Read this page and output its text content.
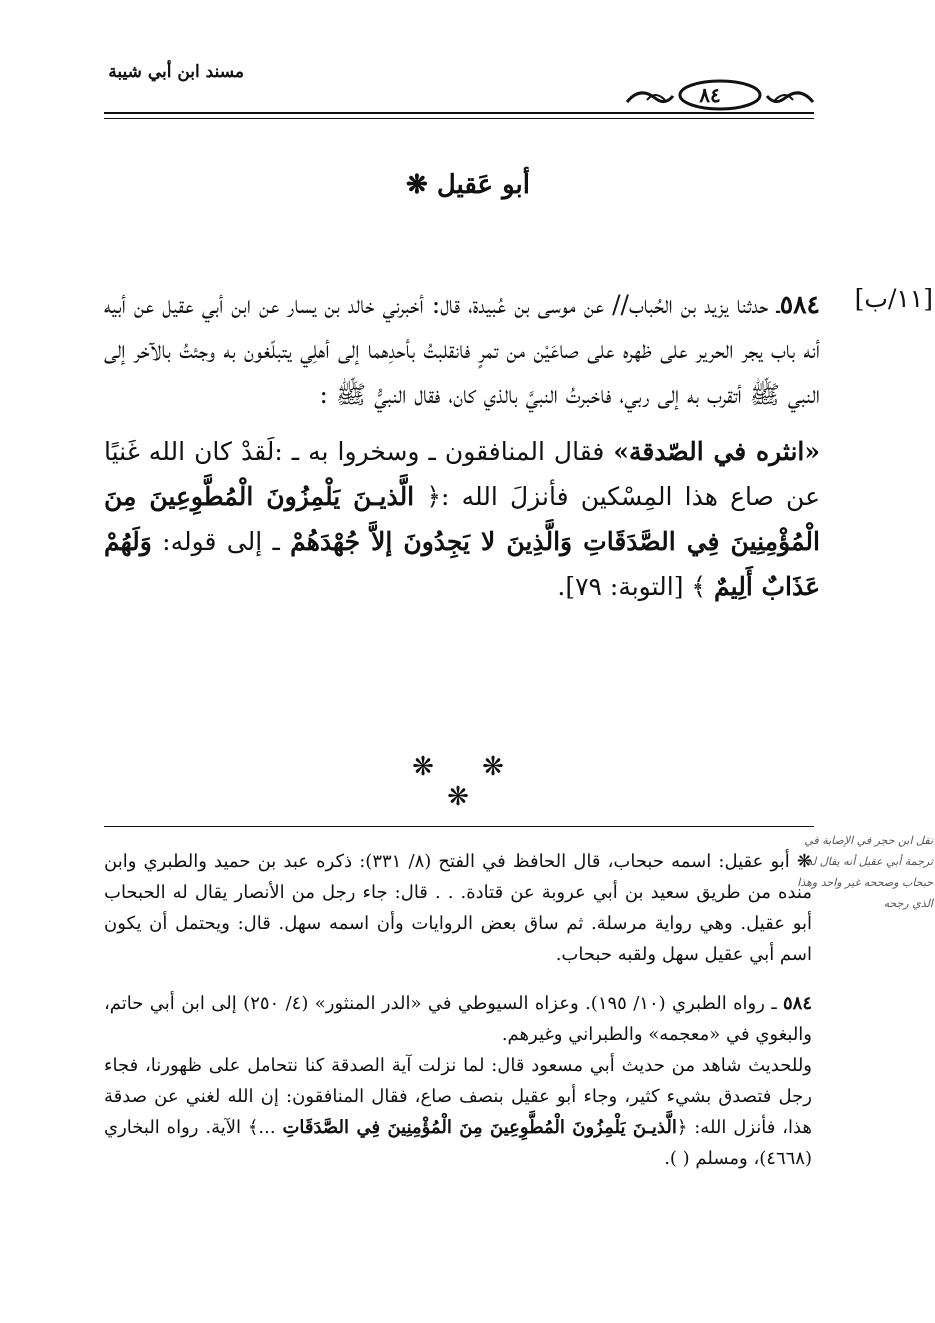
٨٤
مسند ابن أبي شيبة
أبو عَقيل ❋
[١١/ب]

٥٨٤ـ حدثنا يزيد بن الحُباب// عن موسى بن عُبيدة، قال: أخبرني خالد بن يسار عن ابن أبي عقيل عن أبيه أنه باب يجر الحرير على ظهره على صاعَيْن من تمرٍ فانقلبتُ بأحدِهما إلى أهلِي يتبلّغون به وجئتُ بالآخر إلى النبي ﷺ أتقرب به إلى ربي، فاخبرتُ النبيَّ بالذي كان، فقال النبيُّ ﷺ :

«انثره في الصّدقة» فقال المنافقون ـ وسخروا به ـ :لَقدْ كان الله غَنيًا عن صاع هذا المِسْكين فأنزلَ الله :﴿ الَّذيـنَ يَلْمِزُونَ الْمُطَّوِعِينَ مِنَ الْمُؤْمِنِينَ فِي الصَّدَقَاتِ وَالَّذِينَ لا يَجِدُونَ إلاَّ جُهْدَهُمْ ـ إلى قوله: وَلَهُمْ عَذَابٌ أَلِيمٌ ﴾ [التوبة: ٧٩].

❋ ❋ ❋

❋ أبو عقيل: اسمه حبحاب، قال الحافظ في الفتح (٨/ ٣٣١): ذكره عبد بن حميد والطبري وابن منده من طريق سعيد بن أبي عروبة عن قتادة. . . قال: جاء رجل من الأنصار يقال له الحبحاب أبو عقيل. وهي رواية مرسلة. ثم ساق بعض الروايات وأن اسمه سهل. قال: ويحتمل أن يكون اسم أبي عقيل سهل ولقبه حبحاب.

٥٨٤ ـ رواه الطبري (١٠/ ١٩٥). وعزاه السيوطي في «الدر المنثور» (٤/ ٢٥٠) إلى ابن أبي حاتم، والبغوي في «معجمه» والطبراني وغيرهم.

وللحديث شاهد من حديث أبي مسعود قال: لما نزلت آية الصدقة كنا نتحامل على ظهورنا، فجاء رجل فتصدق بشيء كثير، وجاء أبو عقيل بنصف صاع، فقال المنافقون: إن الله لغني عن صدقة هذا، فأنزل الله: ﴿الَّذيـنَ يَلْمِزُونَ الْمُطَّوِعِينَ مِنَ الْمُؤْمِنِينَ فِي الصَّدَقَاتِ ...﴾ الآية. رواه البخاري (٤٦٦٨)، ومسلم ( ).

نقل ابن حجر في الإصابة في ترجمة أبي عقيل أنه يقال له حبحاب وصححه غير واحد وهذا الذي رجحه
